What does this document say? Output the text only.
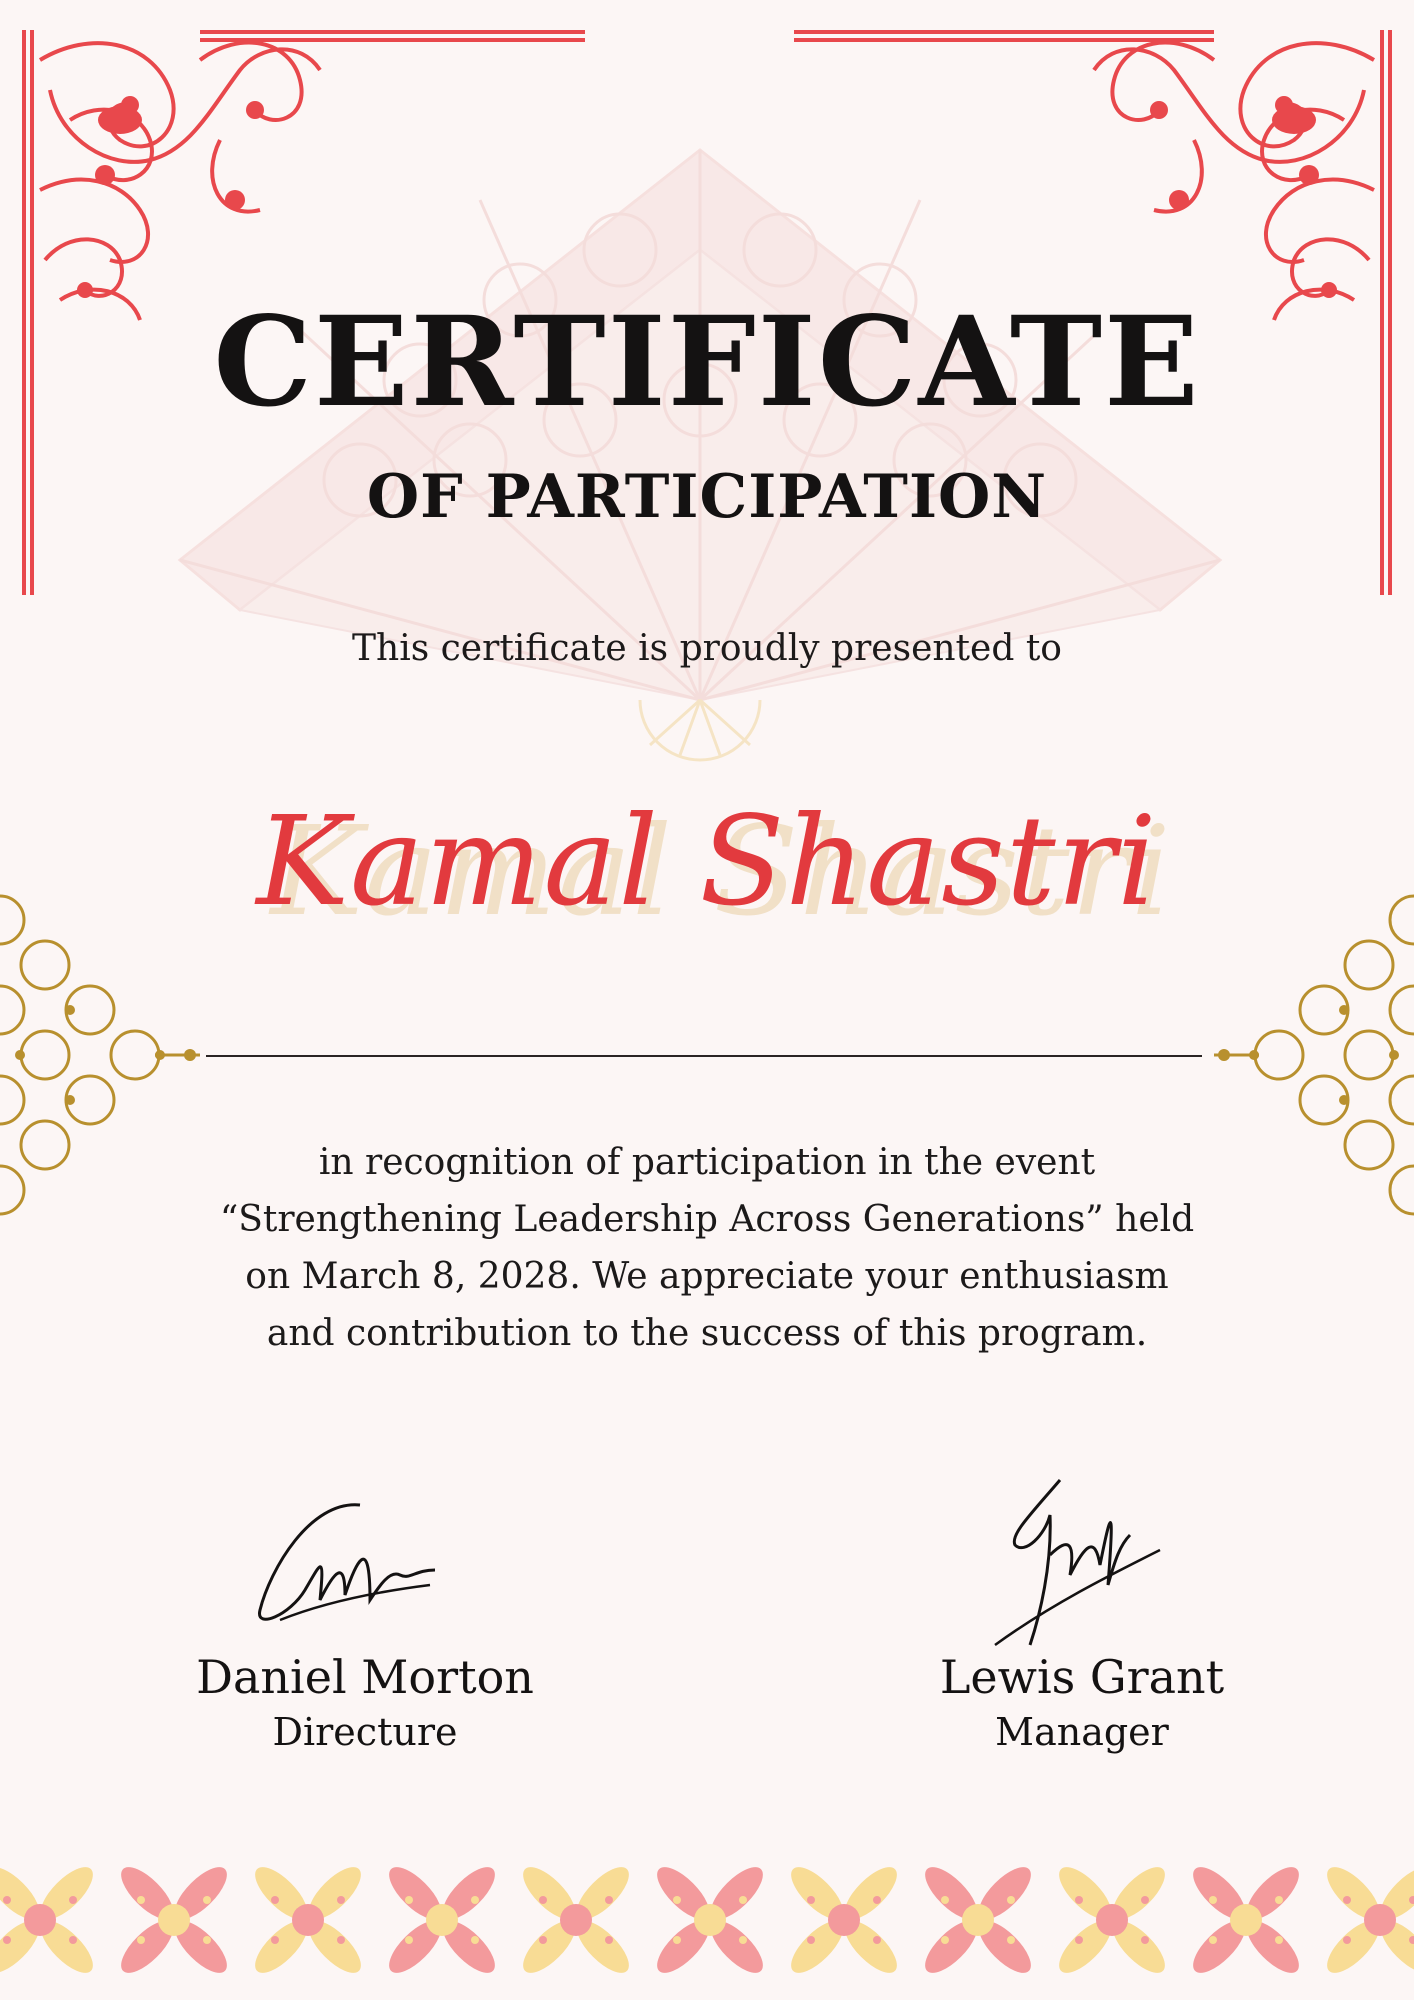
CERTIFICATE
OF PARTICIPATION

This certificate is proudly presented to

Kamal Shastri

in recognition of participation in the event
“Strengthening Leadership Across Generations” held
on March 8, 2028. We appreciate your enthusiasm
and contribution to the success of this program.

Daniel Morton
Directure
Lewis Grant
Manager
